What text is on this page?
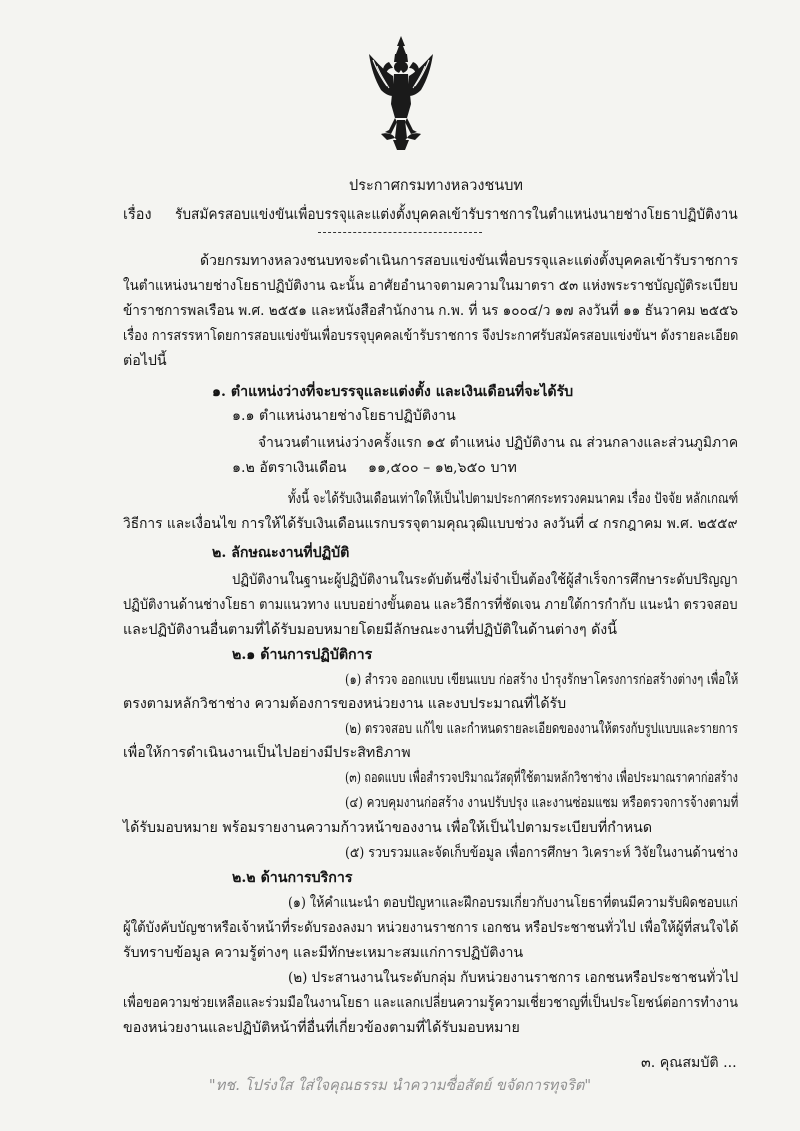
ประกาศกรมทางหลวงชนบท
เรื่อง รับสมัครสอบแข่งขันเพื่อบรรจุและแต่งตั้งบุคคลเข้ารับราชการในตำแหน่งนายช่างโยธาปฏิบัติงาน
ด้วยกรมทางหลวงชนบทจะดำเนินการสอบแข่งขันเพื่อบรรจุและแต่งตั้งบุคคลเข้ารับราชการ
ในตำแหน่งนายช่างโยธาปฏิบัติงาน ฉะนั้น อาศัยอำนาจตามความในมาตรา ๕๓ แห่งพระราชบัญญัติระเบียบ
ข้าราชการพลเรือน พ.ศ. ๒๕๕๑ และหนังสือสำนักงาน ก.พ. ที่ นร ๑๐๐๔/ว ๑๗ ลงวันที่ ๑๑ ธันวาคม ๒๕๕๖
เรื่อง การสรรหาโดยการสอบแข่งขันเพื่อบรรจุบุคคลเข้ารับราชการ จึงประกาศรับสมัครสอบแข่งขันฯ ดังรายละเอียด
ต่อไปนี้
๑. ตำแหน่งว่างที่จะบรรจุและแต่งตั้ง และเงินเดือนที่จะได้รับ
๑.๑ ตำแหน่งนายช่างโยธาปฏิบัติงาน
จำนวนตำแหน่งว่างครั้งแรก ๑๕ ตำแหน่ง ปฏิบัติงาน ณ ส่วนกลางและส่วนภูมิภาค
๑.๒ อัตราเงินเดือน ๑๑,๕๐๐ – ๑๒,๖๕๐ บาท
ทั้งนี้ จะได้รับเงินเดือนเท่าใดให้เป็นไปตามประกาศกระทรวงคมนาคม เรื่อง ปัจจัย หลักเกณฑ์
วิธีการ และเงื่อนไข การให้ได้รับเงินเดือนแรกบรรจุตามคุณวุฒิแบบช่วง ลงวันที่ ๔ กรกฎาคม พ.ศ. ๒๕๕๙
๒. ลักษณะงานที่ปฏิบัติ
ปฏิบัติงานในฐานะผู้ปฏิบัติงานในระดับต้นซึ่งไม่จำเป็นต้องใช้ผู้สำเร็จการศึกษาระดับปริญญา
ปฏิบัติงานด้านช่างโยธา ตามแนวทาง แบบอย่างขั้นตอน และวิธีการที่ชัดเจน ภายใต้การกำกับ แนะนำ ตรวจสอบ
และปฏิบัติงานอื่นตามที่ได้รับมอบหมายโดยมีลักษณะงานที่ปฏิบัติในด้านต่างๆ ดังนี้
๒.๑ ด้านการปฏิบัติการ
(๑) สำรวจ ออกแบบ เขียนแบบ ก่อสร้าง บำรุงรักษาโครงการก่อสร้างต่างๆ เพื่อให้
ตรงตามหลักวิชาช่าง ความต้องการของหน่วยงาน และงบประมาณที่ได้รับ
(๒) ตรวจสอบ แก้ไข และกำหนดรายละเอียดของงานให้ตรงกับรูปแบบและรายการ
เพื่อให้การดำเนินงานเป็นไปอย่างมีประสิทธิภาพ
(๓) ถอดแบบ เพื่อสำรวจปริมาณวัสดุที่ใช้ตามหลักวิชาช่าง เพื่อประมาณราคาก่อสร้าง
(๔) ควบคุมงานก่อสร้าง งานปรับปรุง และงานซ่อมแซม หรือตรวจการจ้างตามที่
ได้รับมอบหมาย พร้อมรายงานความก้าวหน้าของงาน เพื่อให้เป็นไปตามระเบียบที่กำหนด
(๕) รวบรวมและจัดเก็บข้อมูล เพื่อการศึกษา วิเคราะห์ วิจัยในงานด้านช่าง
๒.๒ ด้านการบริการ
(๑) ให้คำแนะนำ ตอบปัญหาและฝึกอบรมเกี่ยวกับงานโยธาที่ตนมีความรับผิดชอบแก่
ผู้ใต้บังคับบัญชาหรือเจ้าหน้าที่ระดับรองลงมา หน่วยงานราชการ เอกชน หรือประชาชนทั่วไป เพื่อให้ผู้ที่สนใจได้
รับทราบข้อมูล ความรู้ต่างๆ และมีทักษะเหมาะสมแก่การปฏิบัติงาน
(๒) ประสานงานในระดับกลุ่ม กับหน่วยงานราชการ เอกชนหรือประชาชนทั่วไป
เพื่อขอความช่วยเหลือและร่วมมือในงานโยธา และแลกเปลี่ยนความรู้ความเชี่ยวชาญที่เป็นประโยชน์ต่อการทำงาน
ของหน่วยงานและปฏิบัติหน้าที่อื่นที่เกี่ยวข้องตามที่ได้รับมอบหมาย
๓. คุณสมบัติ ...
"ทช. โปร่งใส ใส่ใจคุณธรรม นำความซื่อสัตย์ ขจัดการทุจริต"
